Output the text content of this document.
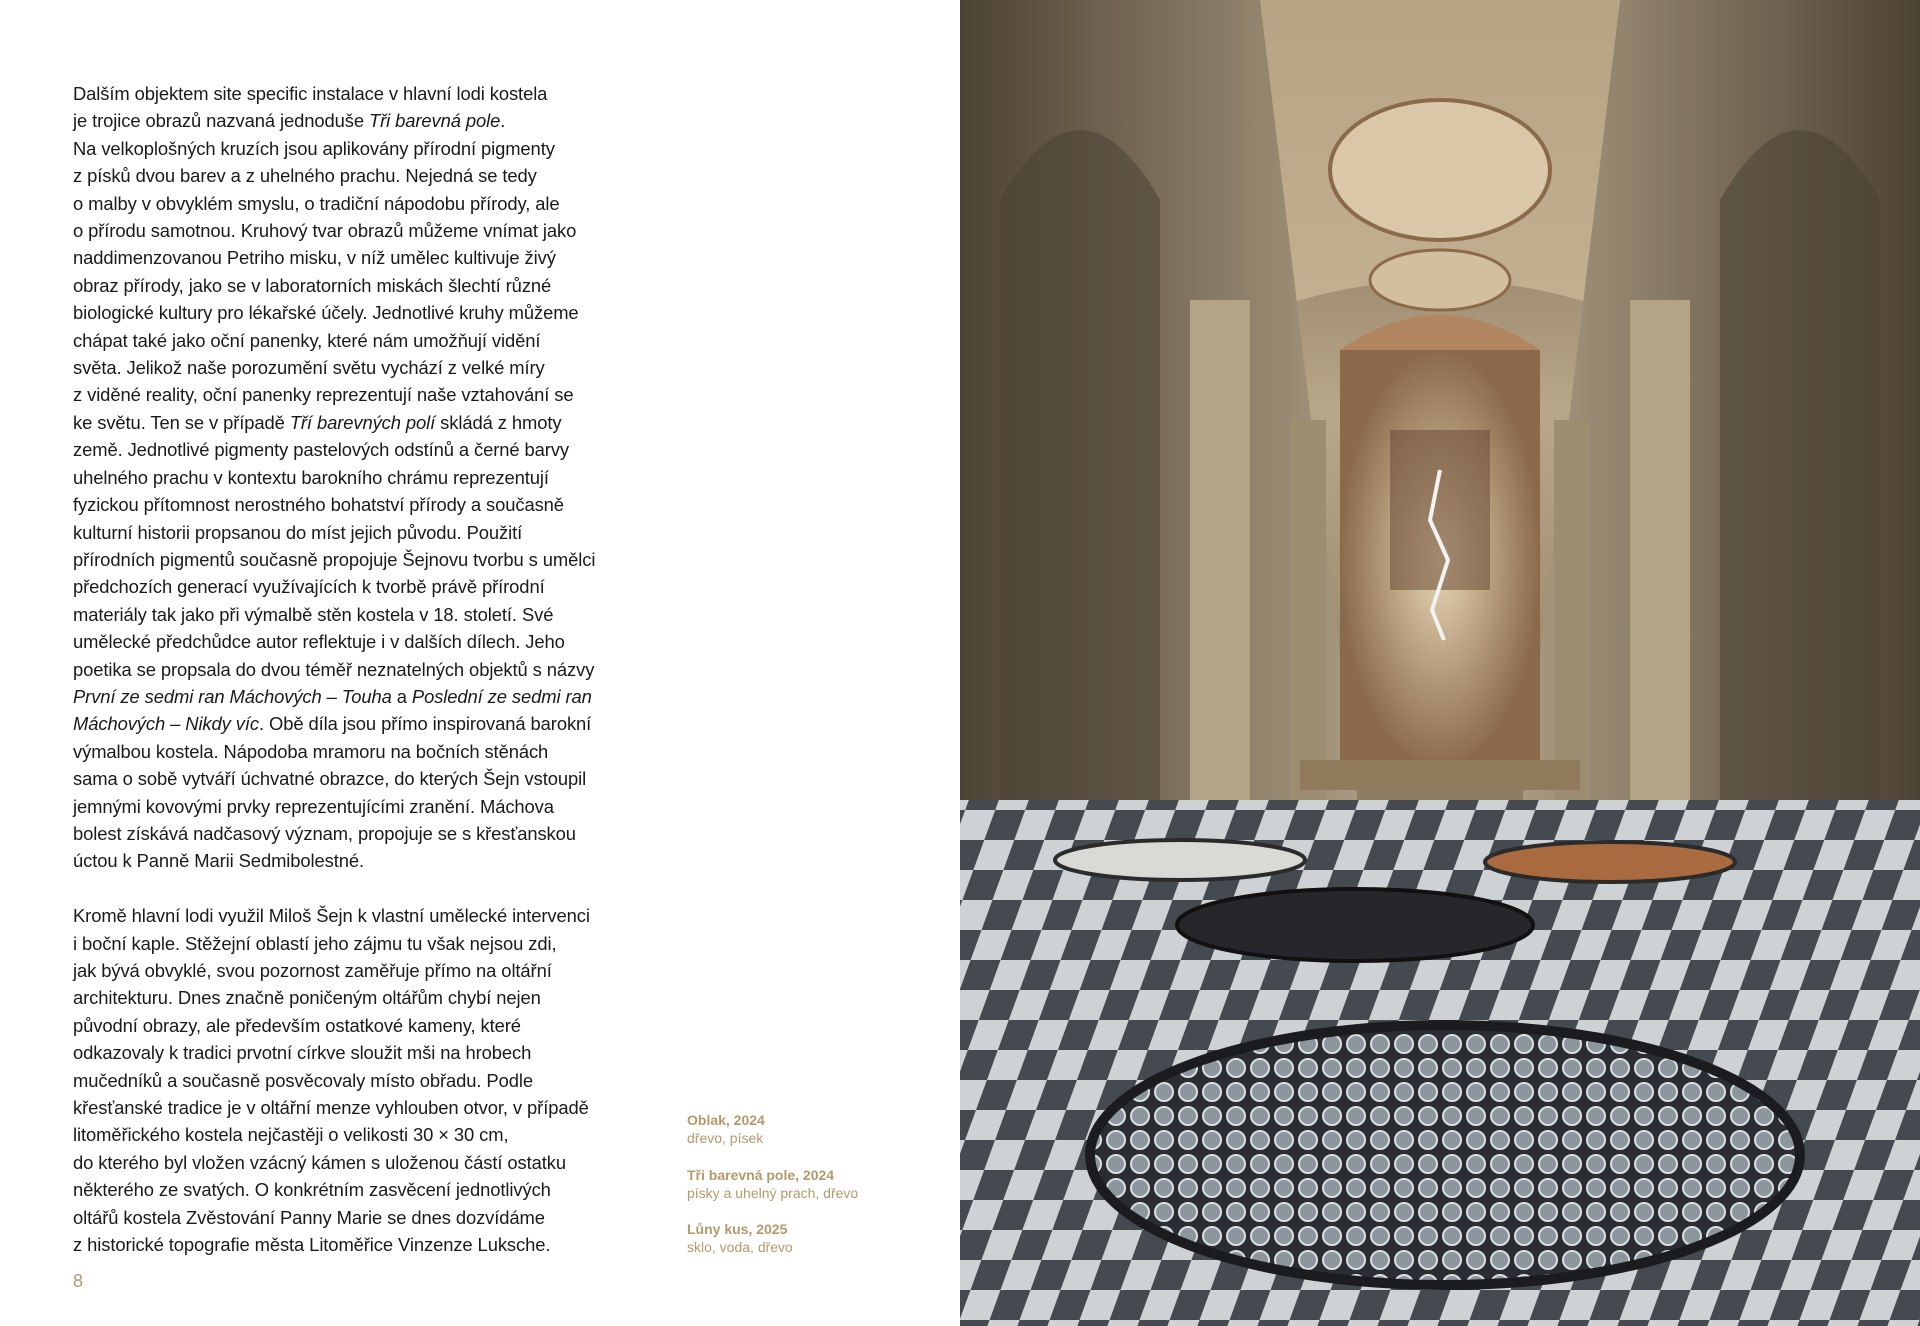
Dalším objektem site specific instalace v hlavní lodi kostela
je trojice obrazů nazvaná jednoduše Tři barevná pole.
Na velkoplošných kruzích jsou aplikovány přírodní pigmenty
z písků dvou barev a z uhelného prachu. Nejedná se tedy
o malby v obvyklém smyslu, o tradiční nápodobu přírody, ale
o přírodu samotnou. Kruhový tvar obrazů můžeme vnímat jako
naddimenzovanou Petriho misku, v níž umělec kultivuje živý
obraz přírody, jako se v laboratorních miskách šlechtí různé
biologické kultury pro lékařské účely. Jednotlivé kruhy můžeme
chápat také jako oční panenky, které nám umožňují vidění
světa. Jelikož naše porozumění světu vychází z velké míry
z viděné reality, oční panenky reprezentují naše vztahování se
ke světu. Ten se v případě Tří barevných polí skládá z hmoty
země. Jednotlivé pigmenty pastelových odstínů a černé barvy
uhelného prachu v kontextu barokního chrámu reprezentují
fyzickou přítomnost nerostného bohatství přírody a současně
kulturní historii propsanou do míst jejich původu. Použití
přírodních pigmentů současně propojuje Šejnovu tvorbu s umělci
předchozích generací využívajících k tvorbě právě přírodní
materiály tak jako při výmalbě stěn kostela v 18. století. Své
umělecké předchůdce autor reflektuje i v dalších dílech. Jeho
poetika se propsala do dvou téměř neznatelných objektů s názvy
První ze sedmi ran Máchových – Touha a Poslední ze sedmi ran
Máchových – Nikdy víc. Obě díla jsou přímo inspirovaná barokní
výmalbou kostela. Nápodoba mramoru na bočních stěnách
sama o sobě vytváří úchvatné obrazce, do kterých Šejn vstoupil
jemnými kovovými prvky reprezentujícími zranění. Máchova
bolest získává nadčasový význam, propojuje se s křesťanskou
úctou k Panně Marii Sedmibolestné.
Kromě hlavní lodi využil Miloš Šejn k vlastní umělecké intervenci
i boční kaple. Stěžejní oblastí jeho zájmu tu však nejsou zdi,
jak bývá obvyklé, svou pozornost zaměřuje přímo na oltářní
architekturu. Dnes značně poničeným oltářům chybí nejen
původní obrazy, ale především ostatkové kameny, které
odkazovaly k tradici prvotní církve sloužit mši na hrobech
mučedníků a současně posvěcovaly místo obřadu. Podle
křesťanské tradice je v oltářní menze vyhlouben otvor, v případě
litoměřického kostela nejčastěji o velikosti 30 × 30 cm,
do kterého byl vložen vzácný kámen s uloženou částí ostatku
některého ze svatých. O konkrétním zasvěcení jednotlivých
oltářů kostela Zvěstování Panny Marie se dnes dozvídáme
z historické topografie města Litoměřice Vinzenze Luksche.
Oblak, 2024
dřevo, písek
Tři barevná pole, 2024
písky a uhelný prach, dřevo
Lůny kus, 2025
sklo, voda, dřevo
8
